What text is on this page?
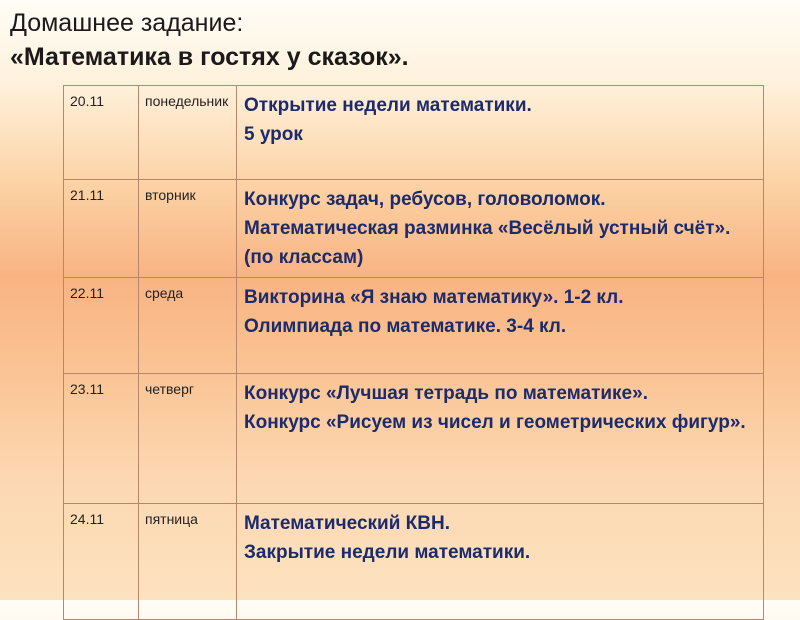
Домашнее задание:
«Математика в гостях у сказок».
20.11	понедельник	Открытие недели математики.
5 урок

21.11	вторник	Конкурс задач, ребусов, головоломок.
Математическая разминка «Весёлый устный счёт». (по классам)

22.11	среда	Викторина «Я знаю математику». 1-2 кл.
Олимпиада по математике. 3-4 кл.

23.11	четверг	Конкурс «Лучшая тетрадь по математике».
Конкурс «Рисуем из чисел и геометрических фигур».

24.11	пятница	Математический КВН.
Закрытие недели математики.
